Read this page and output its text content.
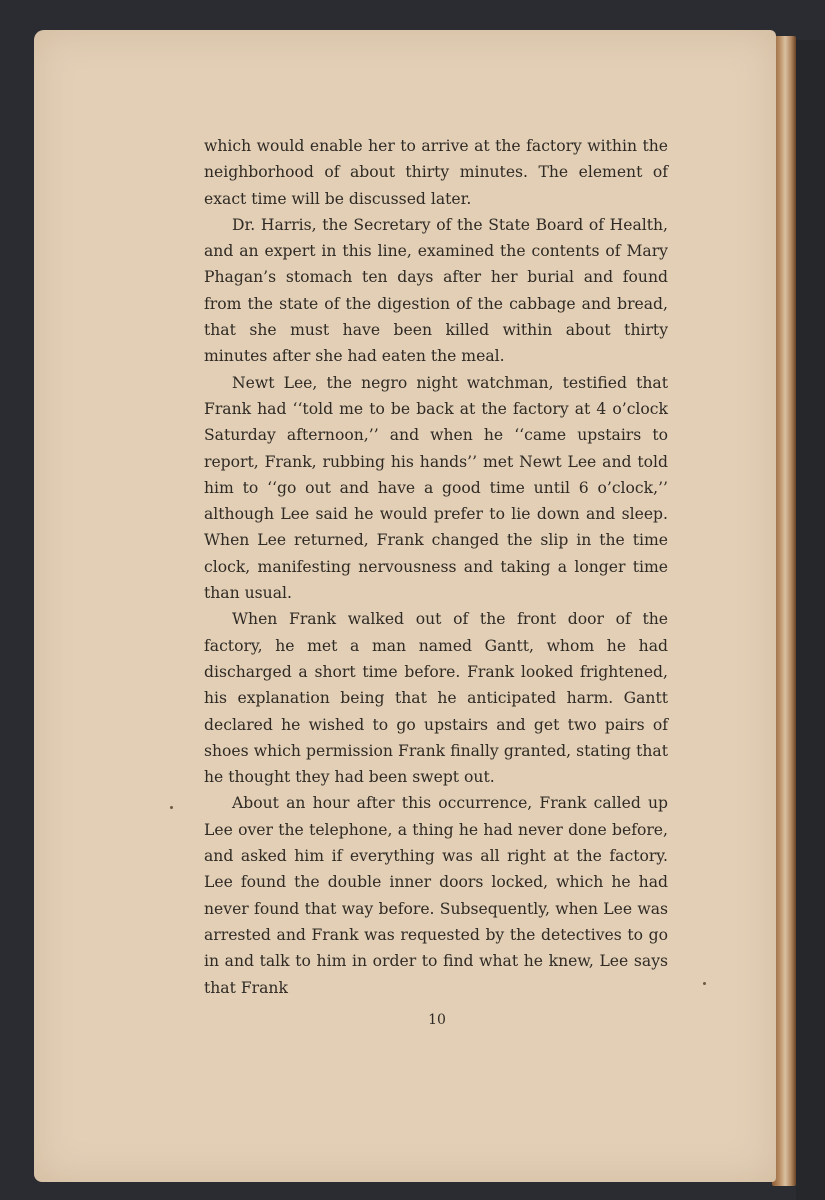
which would enable her to arrive at the factory within the neighborhood of about thirty minutes. The element of exact time will be discussed later.

Dr. Harris, the Secretary of the State Board of Health, and an expert in this line, examined the contents of Mary Phagan’s stomach ten days after her burial and found from the state of the digestion of the cabbage and bread, that she must have been killed within about thirty minutes after she had eaten the meal.

Newt Lee, the negro night watchman, testified that Frank had ‘‘told me to be back at the factory at 4 o’clock Saturday afternoon,’’ and when he ‘‘came upstairs to report, Frank, rubbing his hands’’ met Newt Lee and told him to ‘‘go out and have a good time until 6 o’clock,’’ although Lee said he would prefer to lie down and sleep. When Lee returned, Frank changed the slip in the time clock, manifesting nervousness and taking a longer time than usual.

When Frank walked out of the front door of the factory, he met a man named Gantt, whom he had discharged a short time before. Frank looked frightened, his explanation being that he anticipated harm. Gantt declared he wished to go upstairs and get two pairs of shoes which permission Frank finally granted, stating that he thought they had been swept out.

About an hour after this occurrence, Frank called up Lee over the telephone, a thing he had never done before, and asked him if everything was all right at the factory. Lee found the double inner doors locked, which he had never found that way before. Subsequently, when Lee was arrested and Frank was requested by the detectives to go in and talk to him in order to find what he knew, Lee says that Frank

10
